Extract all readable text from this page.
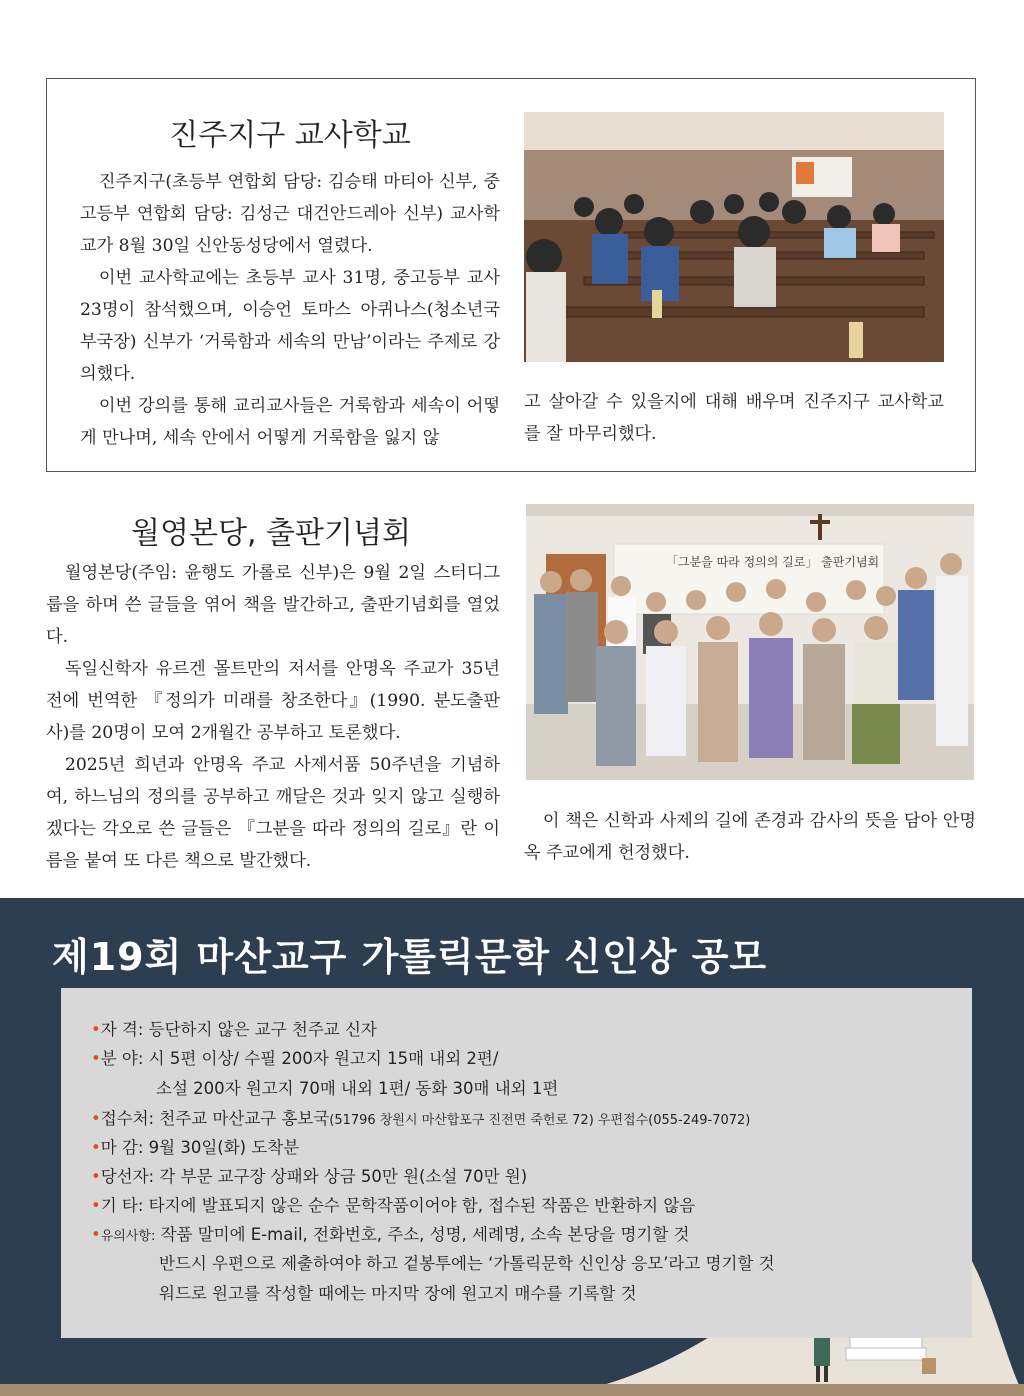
진주지구 교사학교

진주지구(초등부 연합회 담당: 김승태 마티아 신부, 중고등부 연합회 담당: 김성근 대건안드레아 신부) 교사학교가 8월 30일 신안동성당에서 열렸다.

이번 교사학교에는 초등부 교사 31명, 중고등부 교사 23명이 참석했으며, 이승언 토마스 아퀴나스(청소년국 부국장) 신부가 ‘거룩함과 세속의 만남’이라는 주제로 강의했다.

이번 강의를 통해 교리교사들은 거룩함과 세속이 어떻게 만나며, 세속 안에서 어떻게 거룩함을 잃지 않

고 살아갈 수 있을지에 대해 배우며 진주지구 교사학교를 잘 마무리했다.

월영본당, 출판기념회

월영본당(주임: 윤행도 가롤로 신부)은 9월 2일 스터디그룹을 하며 쓴 글들을 엮어 책을 발간하고, 출판기념회를 열었다.

독일신학자 유르겐 몰트만의 저서를 안명옥 주교가 35년 전에 번역한 『정의가 미래를 창조한다』(1990. 분도출판사)를 20명이 모여 2개월간 공부하고 토론했다.

2025년 희년과 안명옥 주교 사제서품 50주년을 기념하여, 하느님의 정의를 공부하고 깨달은 것과 잊지 않고 실행하겠다는 각오로 쓴 글들은 『그분을 따라 정의의 길로』란 이름을 붙여 또 다른 책으로 발간했다.

「그분을 따라 정의의 길로」 출판기념회

이 책은 신학과 사제의 길에 존경과 감사의 뜻을 담아 안명옥 주교에게 헌정했다.

제19회 마산교구 가톨릭문학 신인상 공모
•자 격: 등단하지 않은 교구 천주교 신자
•분 야: 시 5편 이상/ 수필 200자 원고지 15매 내외 2편/
소설 200자 원고지 70매 내외 1편/ 동화 30매 내외 1편
•접수처: 천주교 마산교구 홍보국(51796 창원시 마산합포구 진전면 죽헌로 72) 우편접수(055-249-7072)
•마 감: 9월 30일(화) 도착분
•당선자: 각 부문 교구장 상패와 상금 50만 원(소설 70만 원)
•기 타: 타지에 발표되지 않은 순수 문학작품이어야 함, 접수된 작품은 반환하지 않음
•유의사항: 작품 말미에 E-mail, 전화번호, 주소, 성명, 세례명, 소속 본당을 명기할 것
반드시 우편으로 제출하여야 하고 겉봉투에는 ‘가톨릭문학 신인상 응모’라고 명기할 것
워드로 원고를 작성할 때에는 마지막 장에 원고지 매수를 기록할 것
